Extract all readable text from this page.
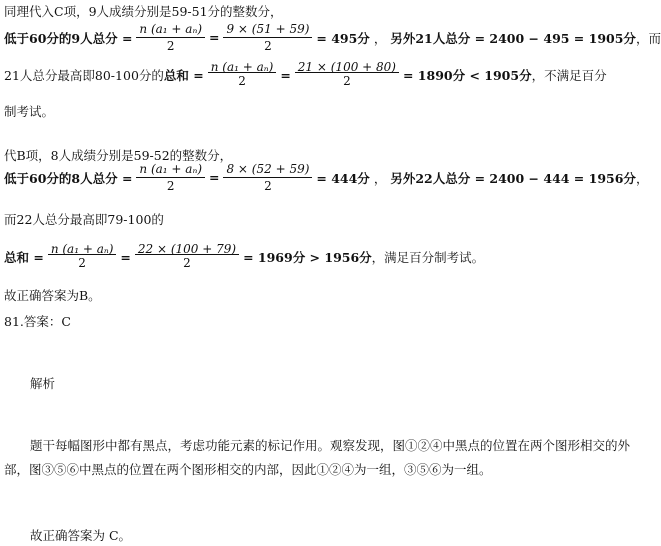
同理代入C项，9人成绩分别是59-51分的整数分，
低于60分的9人总分 = $\frac{\text{n (a₁ + aₙ)}}{2} = \frac{9 \times (51 + 59)}{2} = 495$分 ， 另外21人总分 = 2400 − 495 = 1905分 ，而
21人总分最高即80-100分的 总和 = $\frac{\text{n (a₁ + aₙ)}}{2} = \frac{21 \times (100 + 80)}{2} = 1890$分 < 1905分 ，不满足百分
制考试。
代B项，8人成绩分别是59-52的整数分，
低于60分的8人总分 = $\frac{\text{n (a₁ + aₙ)}}{2} = \frac{8 \times (52 + 59)}{2} = 444$分 ， 另外22人总分 = 2400 − 444 = 1956分 ，
而22人总分最高即79-100的
总和 = $\frac{\text{n (a₁ + aₙ)}}{2} = \frac{22 \times (100 + 79)}{2} = 1969$分 > 1956分 ，满足百分制考试。
故正确答案为B。
81.答案：C
解析
题干每幅图形中都有黑点，考虑功能元素的标记作用。观察发现，图①②④中黑点的位置在两个图形相交的外部，图③⑤⑥中黑点的位置在两个图形相交的内部，因此①②④为一组，③⑤⑥为一组。
故正确答案为 C。
